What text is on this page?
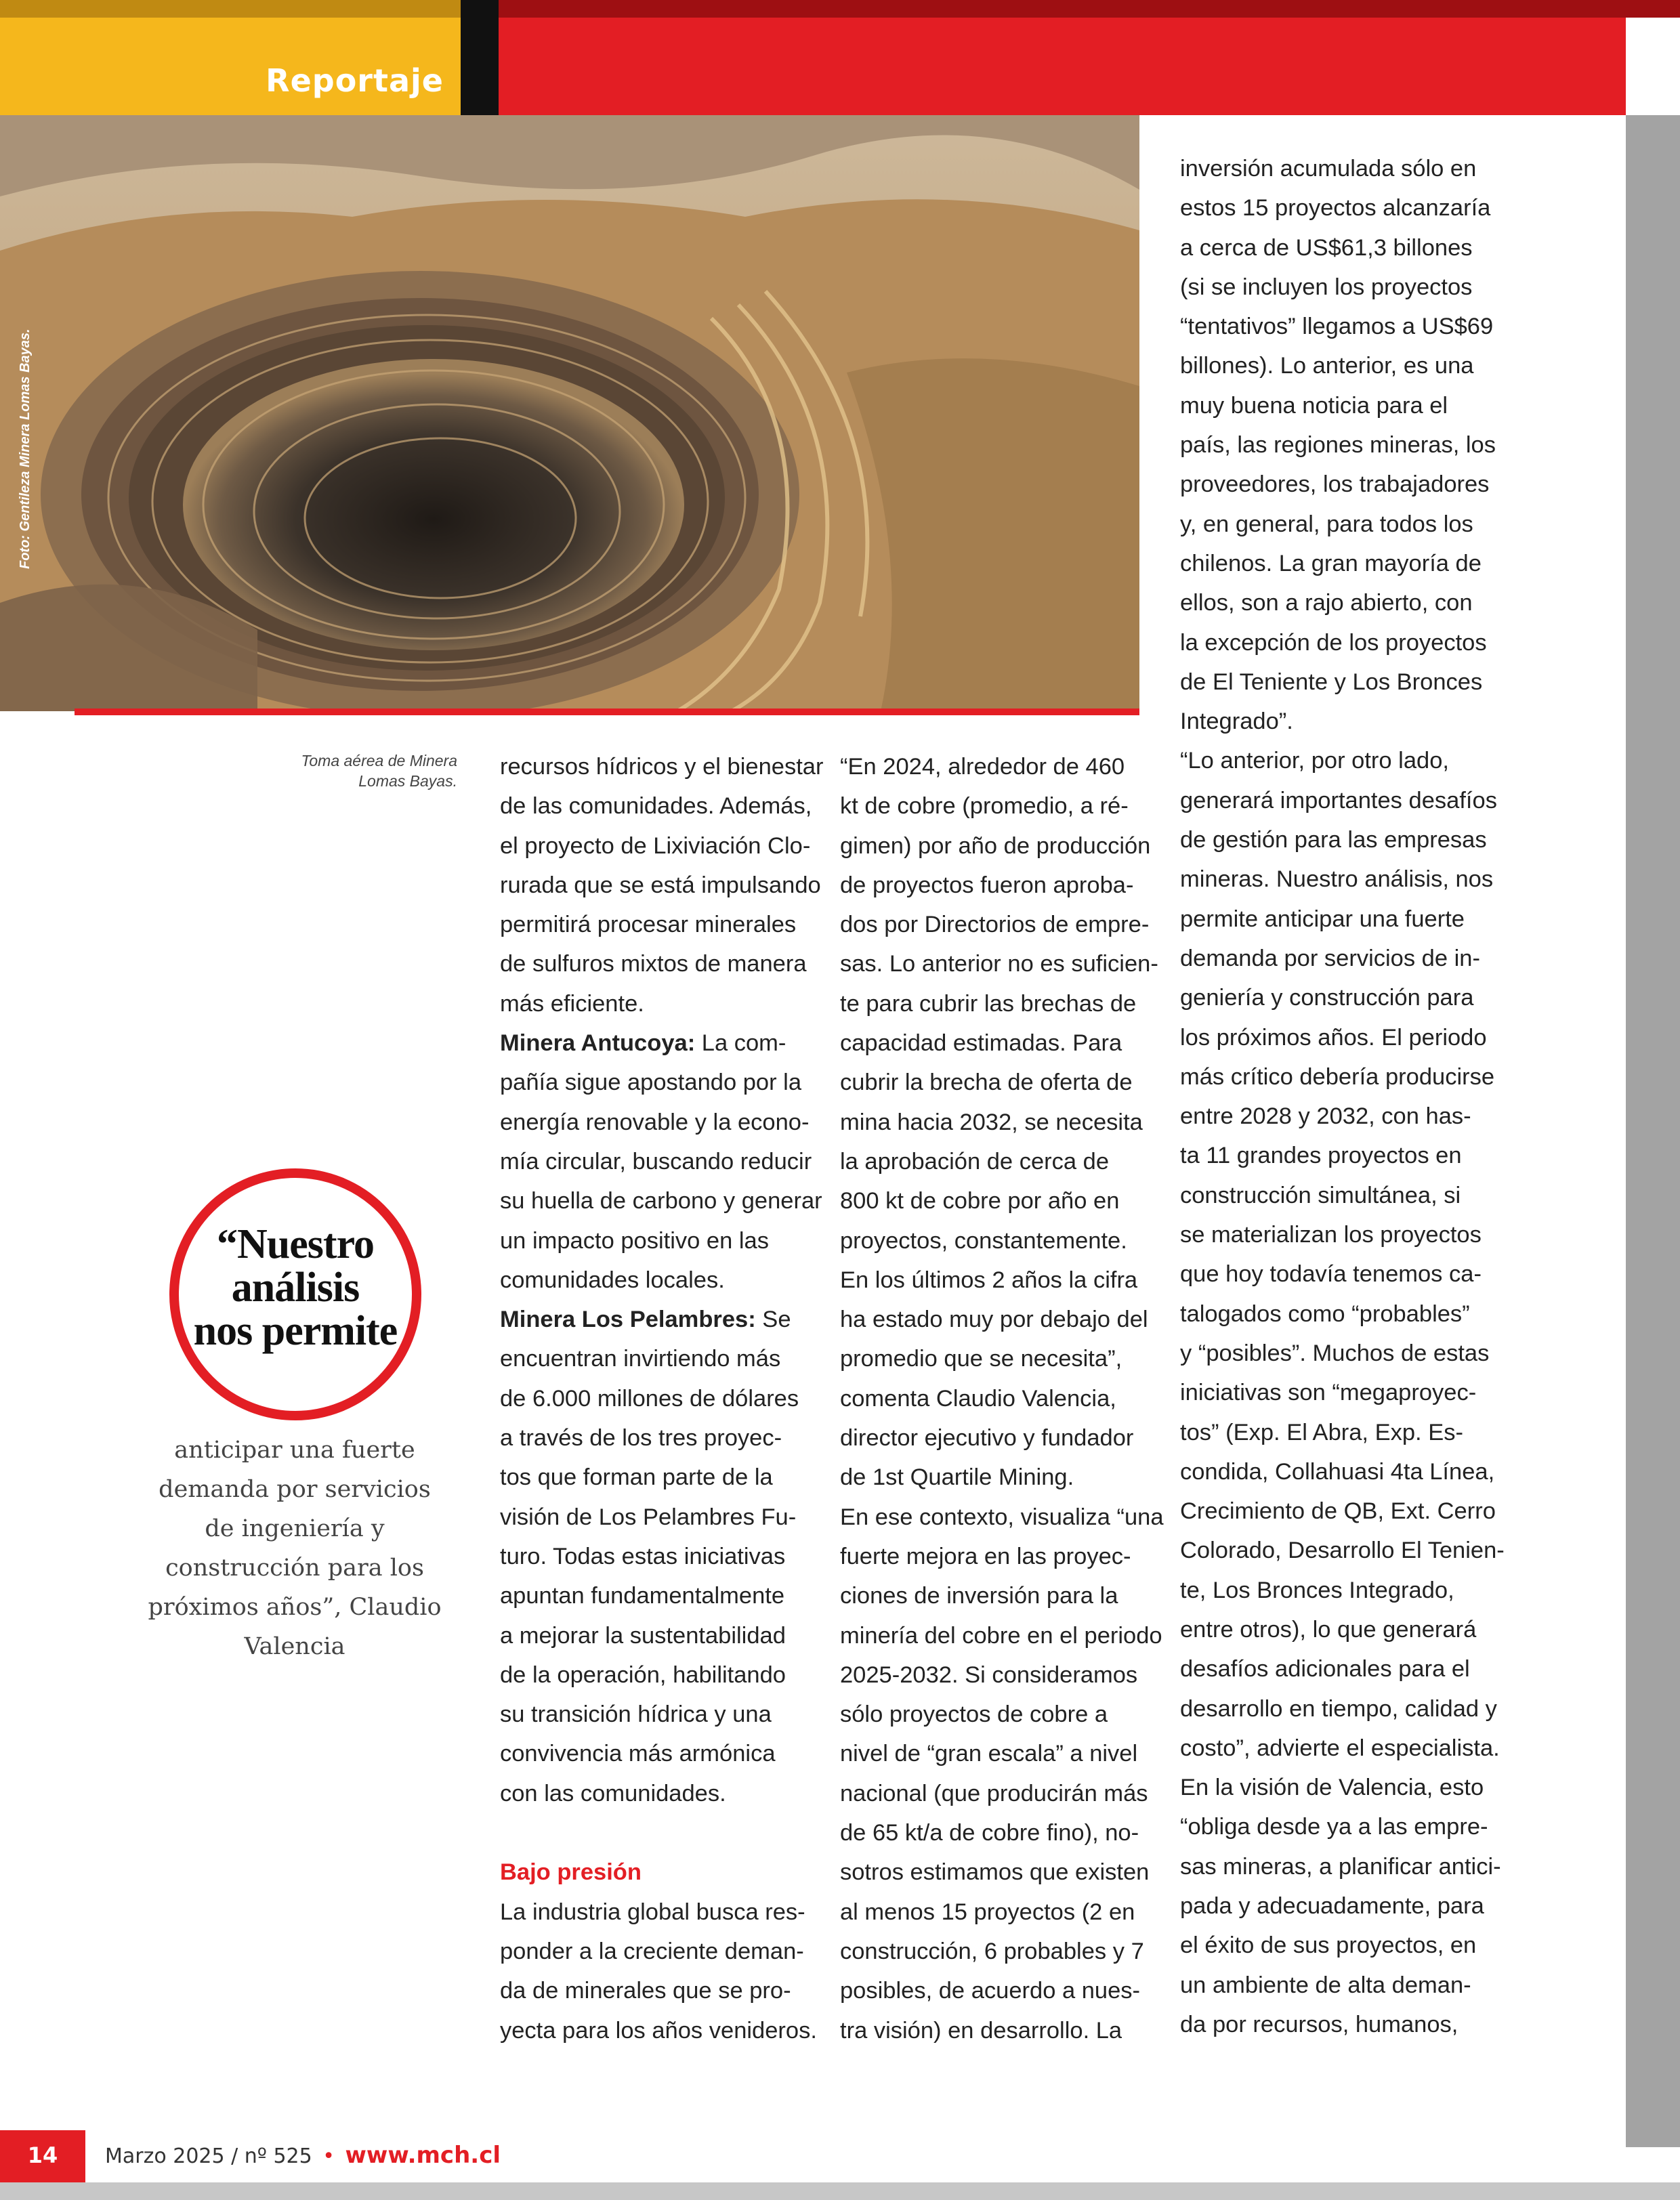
Reportaje
Foto: Gentileza Minera Lomas Bayas.
Toma aérea de Minera Lomas Bayas.
“Nuestro
análisis
nos permite
anticipar una fuerte
demanda por servicios
de ingeniería y
construcción para los
próximos años”, Claudio
Valencia
recursos hídricos y el bienestar
de las comunidades. Además,
el proyecto de Lixiviación Clo-
rurada que se está impulsando
permitirá procesar minerales
de sulfuros mixtos de manera
más eficiente.
Minera Antucoya: La com-
pañía sigue apostando por la
energía renovable y la econo-
mía circular, buscando reducir
su huella de carbono y generar
un impacto positivo en las
comunidades locales.
Minera Los Pelambres: Se
encuentran invirtiendo más
de 6.000 millones de dólares
a través de los tres proyec-
tos que forman parte de la
visión de Los Pelambres Fu-
turo. Todas estas iniciativas
apuntan fundamentalmente
a mejorar la sustentabilidad
de la operación, habilitando
su transición hídrica y una
convivencia más armónica
con las comunidades.
Bajo presión
La industria global busca res-
ponder a la creciente deman-
da de minerales que se pro-
yecta para los años venideros.
“En 2024, alrededor de 460
kt de cobre (promedio, a ré-
gimen) por año de producción
de proyectos fueron aproba-
dos por Directorios de empre-
sas. Lo anterior no es suficien-
te para cubrir las brechas de
capacidad estimadas. Para
cubrir la brecha de oferta de
mina hacia 2032, se necesita
la aprobación de cerca de
800 kt de cobre por año en
proyectos, constantemente.
En los últimos 2 años la cifra
ha estado muy por debajo del
promedio que se necesita”,
comenta Claudio Valencia,
director ejecutivo y fundador
de 1st Quartile Mining.
En ese contexto, visualiza “una
fuerte mejora en las proyec-
ciones de inversión para la
minería del cobre en el periodo
2025-2032. Si consideramos
sólo proyectos de cobre a
nivel de “gran escala” a nivel
nacional (que producirán más
de 65 kt/a de cobre fino), no-
sotros estimamos que existen
al menos 15 proyectos (2 en
construcción, 6 probables y 7
posibles, de acuerdo a nues-
tra visión) en desarrollo. La
inversión acumulada sólo en
estos 15 proyectos alcanzaría
a cerca de US$61,3 billones
(si se incluyen los proyectos
“tentativos” llegamos a US$69
billones). Lo anterior, es una
muy buena noticia para el
país, las regiones mineras, los
proveedores, los trabajadores
y, en general, para todos los
chilenos. La gran mayoría de
ellos, son a rajo abierto, con
la excepción de los proyectos
de El Teniente y Los Bronces
Integrado”.
“Lo anterior, por otro lado,
generará importantes desafíos
de gestión para las empresas
mineras. Nuestro análisis, nos
permite anticipar una fuerte
demanda por servicios de in-
geniería y construcción para
los próximos años. El periodo
más crítico debería producirse
entre 2028 y 2032, con has-
ta 11 grandes proyectos en
construcción simultánea, si
se materializan los proyectos
que hoy todavía tenemos ca-
talogados como “probables”
y “posibles”. Muchos de estas
iniciativas son “megaproyec-
tos” (Exp. El Abra, Exp. Es-
condida, Collahuasi 4ta Línea,
Crecimiento de QB, Ext. Cerro
Colorado, Desarrollo El Tenien-
te, Los Bronces Integrado,
entre otros), lo que generará
desafíos adicionales para el
desarrollo en tiempo, calidad y
costo”, advierte el especialista.
En la visión de Valencia, esto
“obliga desde ya a las empre-
sas mineras, a planificar antici-
pada y adecuadamente, para
el éxito de sus proyectos, en
un ambiente de alta deman-
da por recursos, humanos,
14	Marzo 2025 / nº 525 • www.mch.cl
